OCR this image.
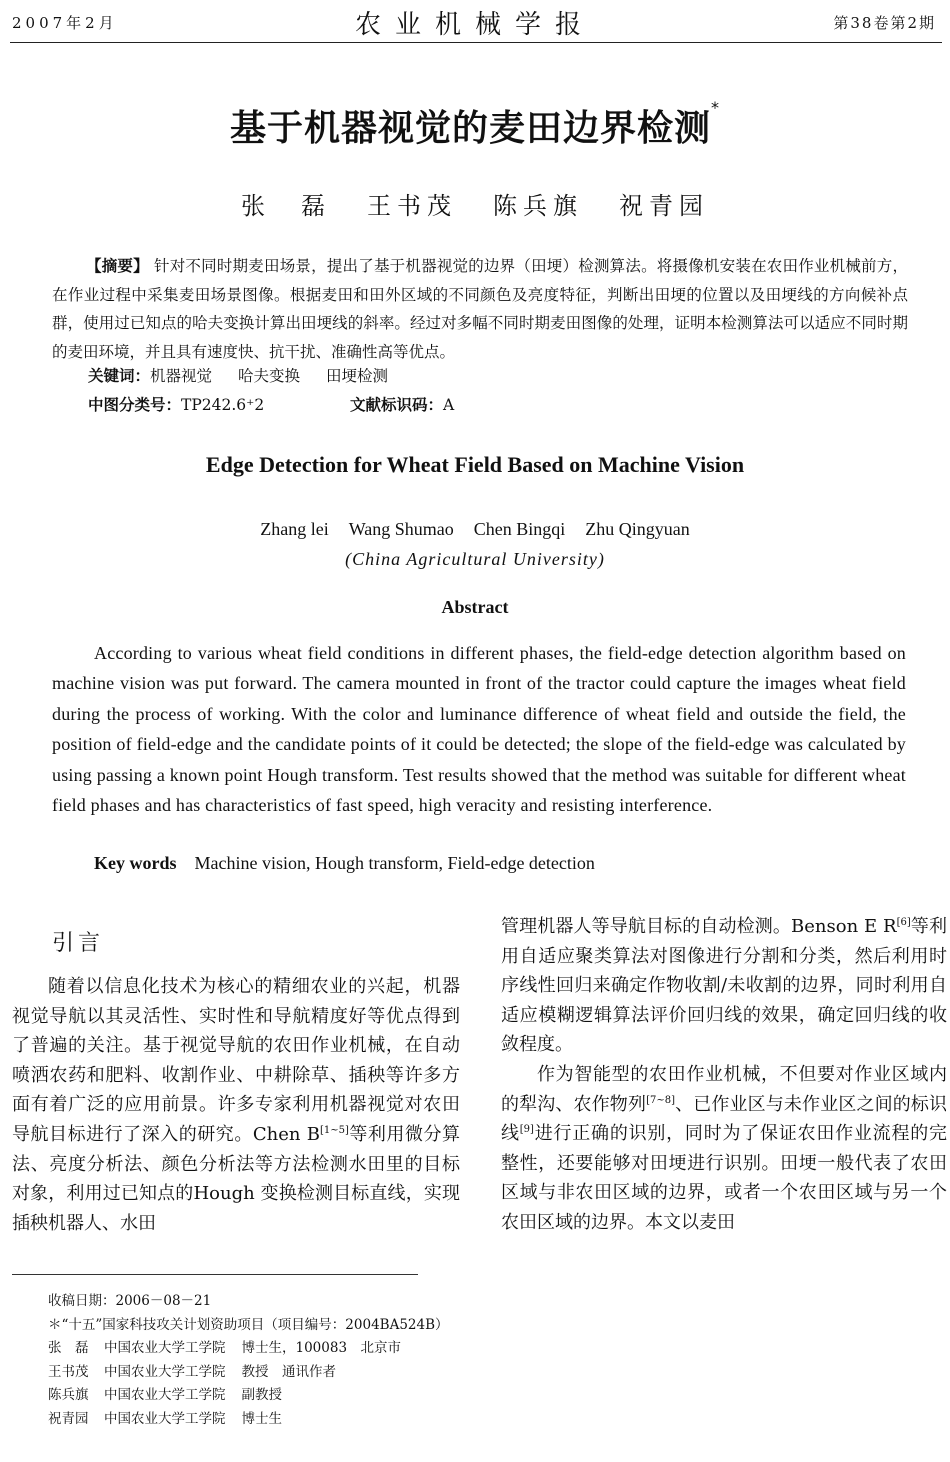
2007年2月	农业机械学报	第38卷第2期
基于机器视觉的麦田边界检测*
张　磊 王书茂 陈兵旗 祝青园
【摘要】 针对不同时期麦田场景，提出了基于机器视觉的边界（田埂）检测算法。将摄像机安装在农田作业机械前方，在作业过程中采集麦田场景图像。根据麦田和田外区域的不同颜色及亮度特征，判断出田埂的位置以及田埂线的方向候补点群，使用过已知点的哈夫变换计算出田埂线的斜率。经过对多幅不同时期麦田图像的处理，证明本检测算法可以适应不同时期的麦田环境，并且具有速度快、抗干扰、准确性高等优点。
关键词：机器视觉 哈夫变换 田埂检测
中图分类号：TP242.6⁺2	文献标识码：A
Edge Detection for Wheat Field Based on Machine Vision
Zhang lei Wang Shumao Chen Bingqi Zhu Qingyuan
(China Agricultural University)
Abstract
According to various wheat field conditions in different phases, the field-edge detection algorithm based on machine vision was put forward. The camera mounted in front of the tractor could capture the images wheat field during the process of working. With the color and luminance difference of wheat field and outside the field, the position of field-edge and the candidate points of it could be detected; the slope of the field-edge was calculated by using passing a known point Hough transform. Test results showed that the method was suitable for different wheat field phases and has characteristics of fast speed, high veracity and resisting interference.
Key words Machine vision, Hough transform, Field-edge detection
引言

随着以信息化技术为核心的精细农业的兴起，机器视觉导航以其灵活性、实时性和导航精度好等优点得到了普遍的关注。基于视觉导航的农田作业机械，在自动喷洒农药和肥料、收割作业、中耕除草、插秧等许多方面有着广泛的应用前景。许多专家利用机器视觉对农田导航目标进行了深入的研究。Chen B[1~5]等利用微分算法、亮度分析法、颜色分析法等方法检测水田里的目标对象，利用过已知点的Hough 变换检测目标直线，实现插秧机器人、水田

管理机器人等导航目标的自动检测。Benson E R[6]等利用自适应聚类算法对图像进行分割和分类，然后利用时序线性回归来确定作物收割/未收割的边界，同时利用自适应模糊逻辑算法评价回归线的效果，确定回归线的收敛程度。

作为智能型的农田作业机械，不但要对作业区域内的犁沟、农作物列[7~8]、已作业区与未作业区之间的标识线[9]进行正确的识别，同时为了保证农田作业流程的完整性，还要能够对田埂进行识别。田埂一般代表了农田区域与非农田区域的边界，或者一个农田区域与另一个农田区域的边界。本文以麦田

收稿日期：2006－08－21
＊“十五”国家科技攻关计划资助项目（项目编号：2004BA524B）
张　磊 中国农业大学工学院 博士生，100083　北京市
王书茂 中国农业大学工学院 教授　通讯作者
陈兵旗 中国农业大学工学院 副教授
祝青园 中国农业大学工学院 博士生
